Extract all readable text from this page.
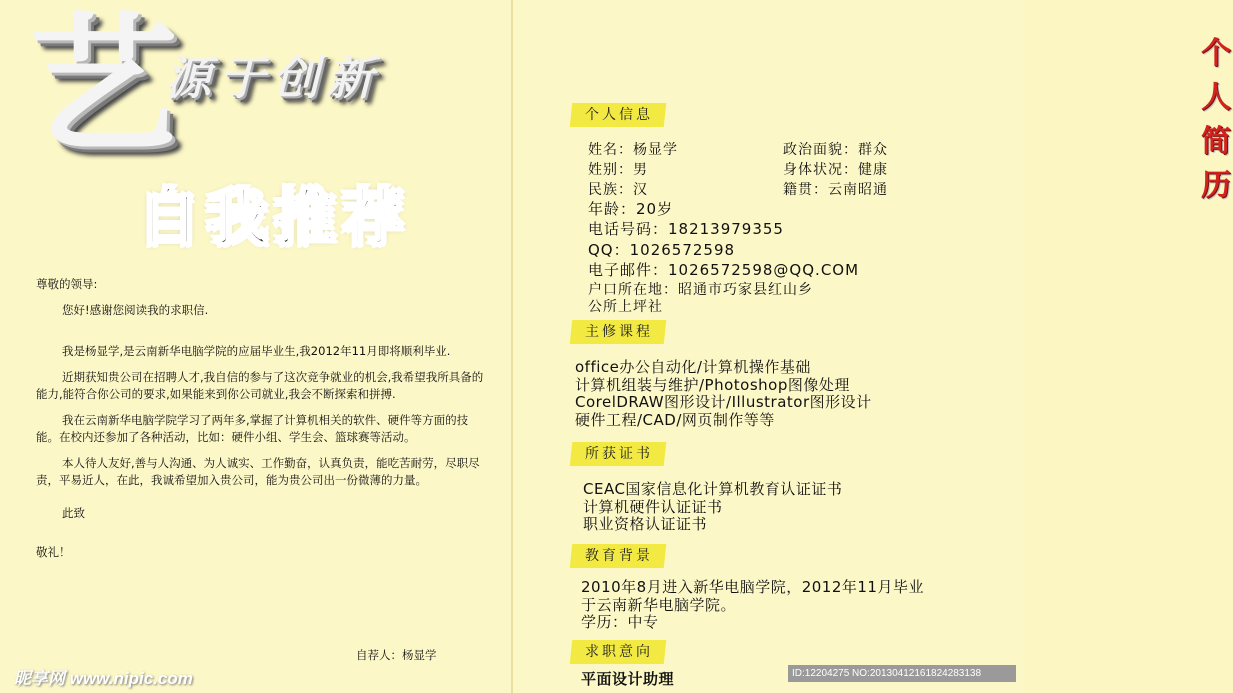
艺
源于创新
自我推荐

尊敬的领导:

您好!感谢您阅读我的求职信.

我是杨显学,是云南新华电脑学院的应届毕业生,我2012年11月即将顺利毕业.

近期获知贵公司在招聘人才,我自信的参与了这次竞争就业的机会,我希望我所具备的能力,能符合你公司的要求,如果能来到你公司就业,我会不断探索和拼搏.

我在云南新华电脑学院学习了两年多,掌握了计算机相关的软件、硬件等方面的技能。在校内还参加了各种活动，比如：硬件小组、学生会、篮球赛等活动。

本人待人友好,善与人沟通、为人诚实、工作勤奋，认真负责，能吃苦耐劳，尽职尽责，平易近人，在此，我诚希望加入贵公司，能为贵公司出一份微薄的力量。

此致

敬礼！

自荐人：杨显学
昵享网 www.nipic.com
个人简历
个人信息
姓名：杨显学
姓别：男
民族：汉
年龄：20岁
电话号码：18213979355
QQ：1026572598
电子邮件：1026572598@QQ.COM
户口所在地：昭通市巧家县红山乡
公所上坪社
政治面貌：群众
身体状况：健康
籍贯：云南昭通
主修课程
office办公自动化/计算机操作基础
计算机组装与维护/Photoshop图像处理
CorelDRAW图形设计/Illustrator图形设计
硬件工程/CAD/网页制作等等
所获证书
CEAC国家信息化计算机教育认证证书
计算机硬件认证证书
职业资格认证证书
教育背景
2010年8月进入新华电脑学院，2012年11月毕业
于云南新华电脑学院。
学历：中专
求职意向
平面设计助理	ID:12204275 NO:20130412161824283138
